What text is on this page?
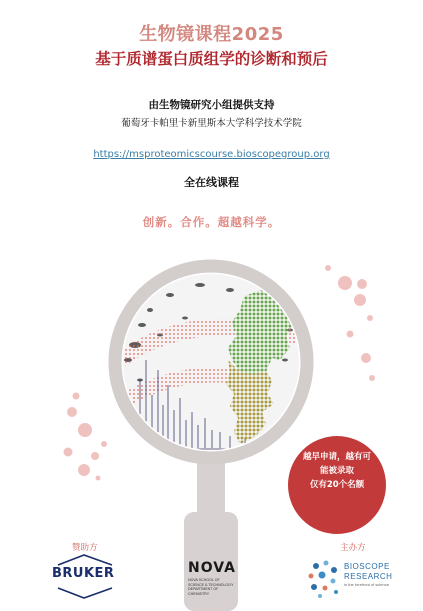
生物镜课程2025
基于质谱蛋白质组学的诊断和预后
由生物镜研究小组提供支持
葡萄牙卡帕里卡新里斯本大学科学技术学院
https://msproteomicscourse.bioscopegroup.org
全在线课程
创新。合作。超越科学。
越早申请，越有可
能被录取
仅有20个名额
赞助方	主办方
BRUKER	NOVA
NOVA SCHOOL OF
SCIENCE & TECHNOLOGY
DEPARTMENT OF CHEMISTRY
BIOSCOPE
RESEARCH
in the forefront of science
